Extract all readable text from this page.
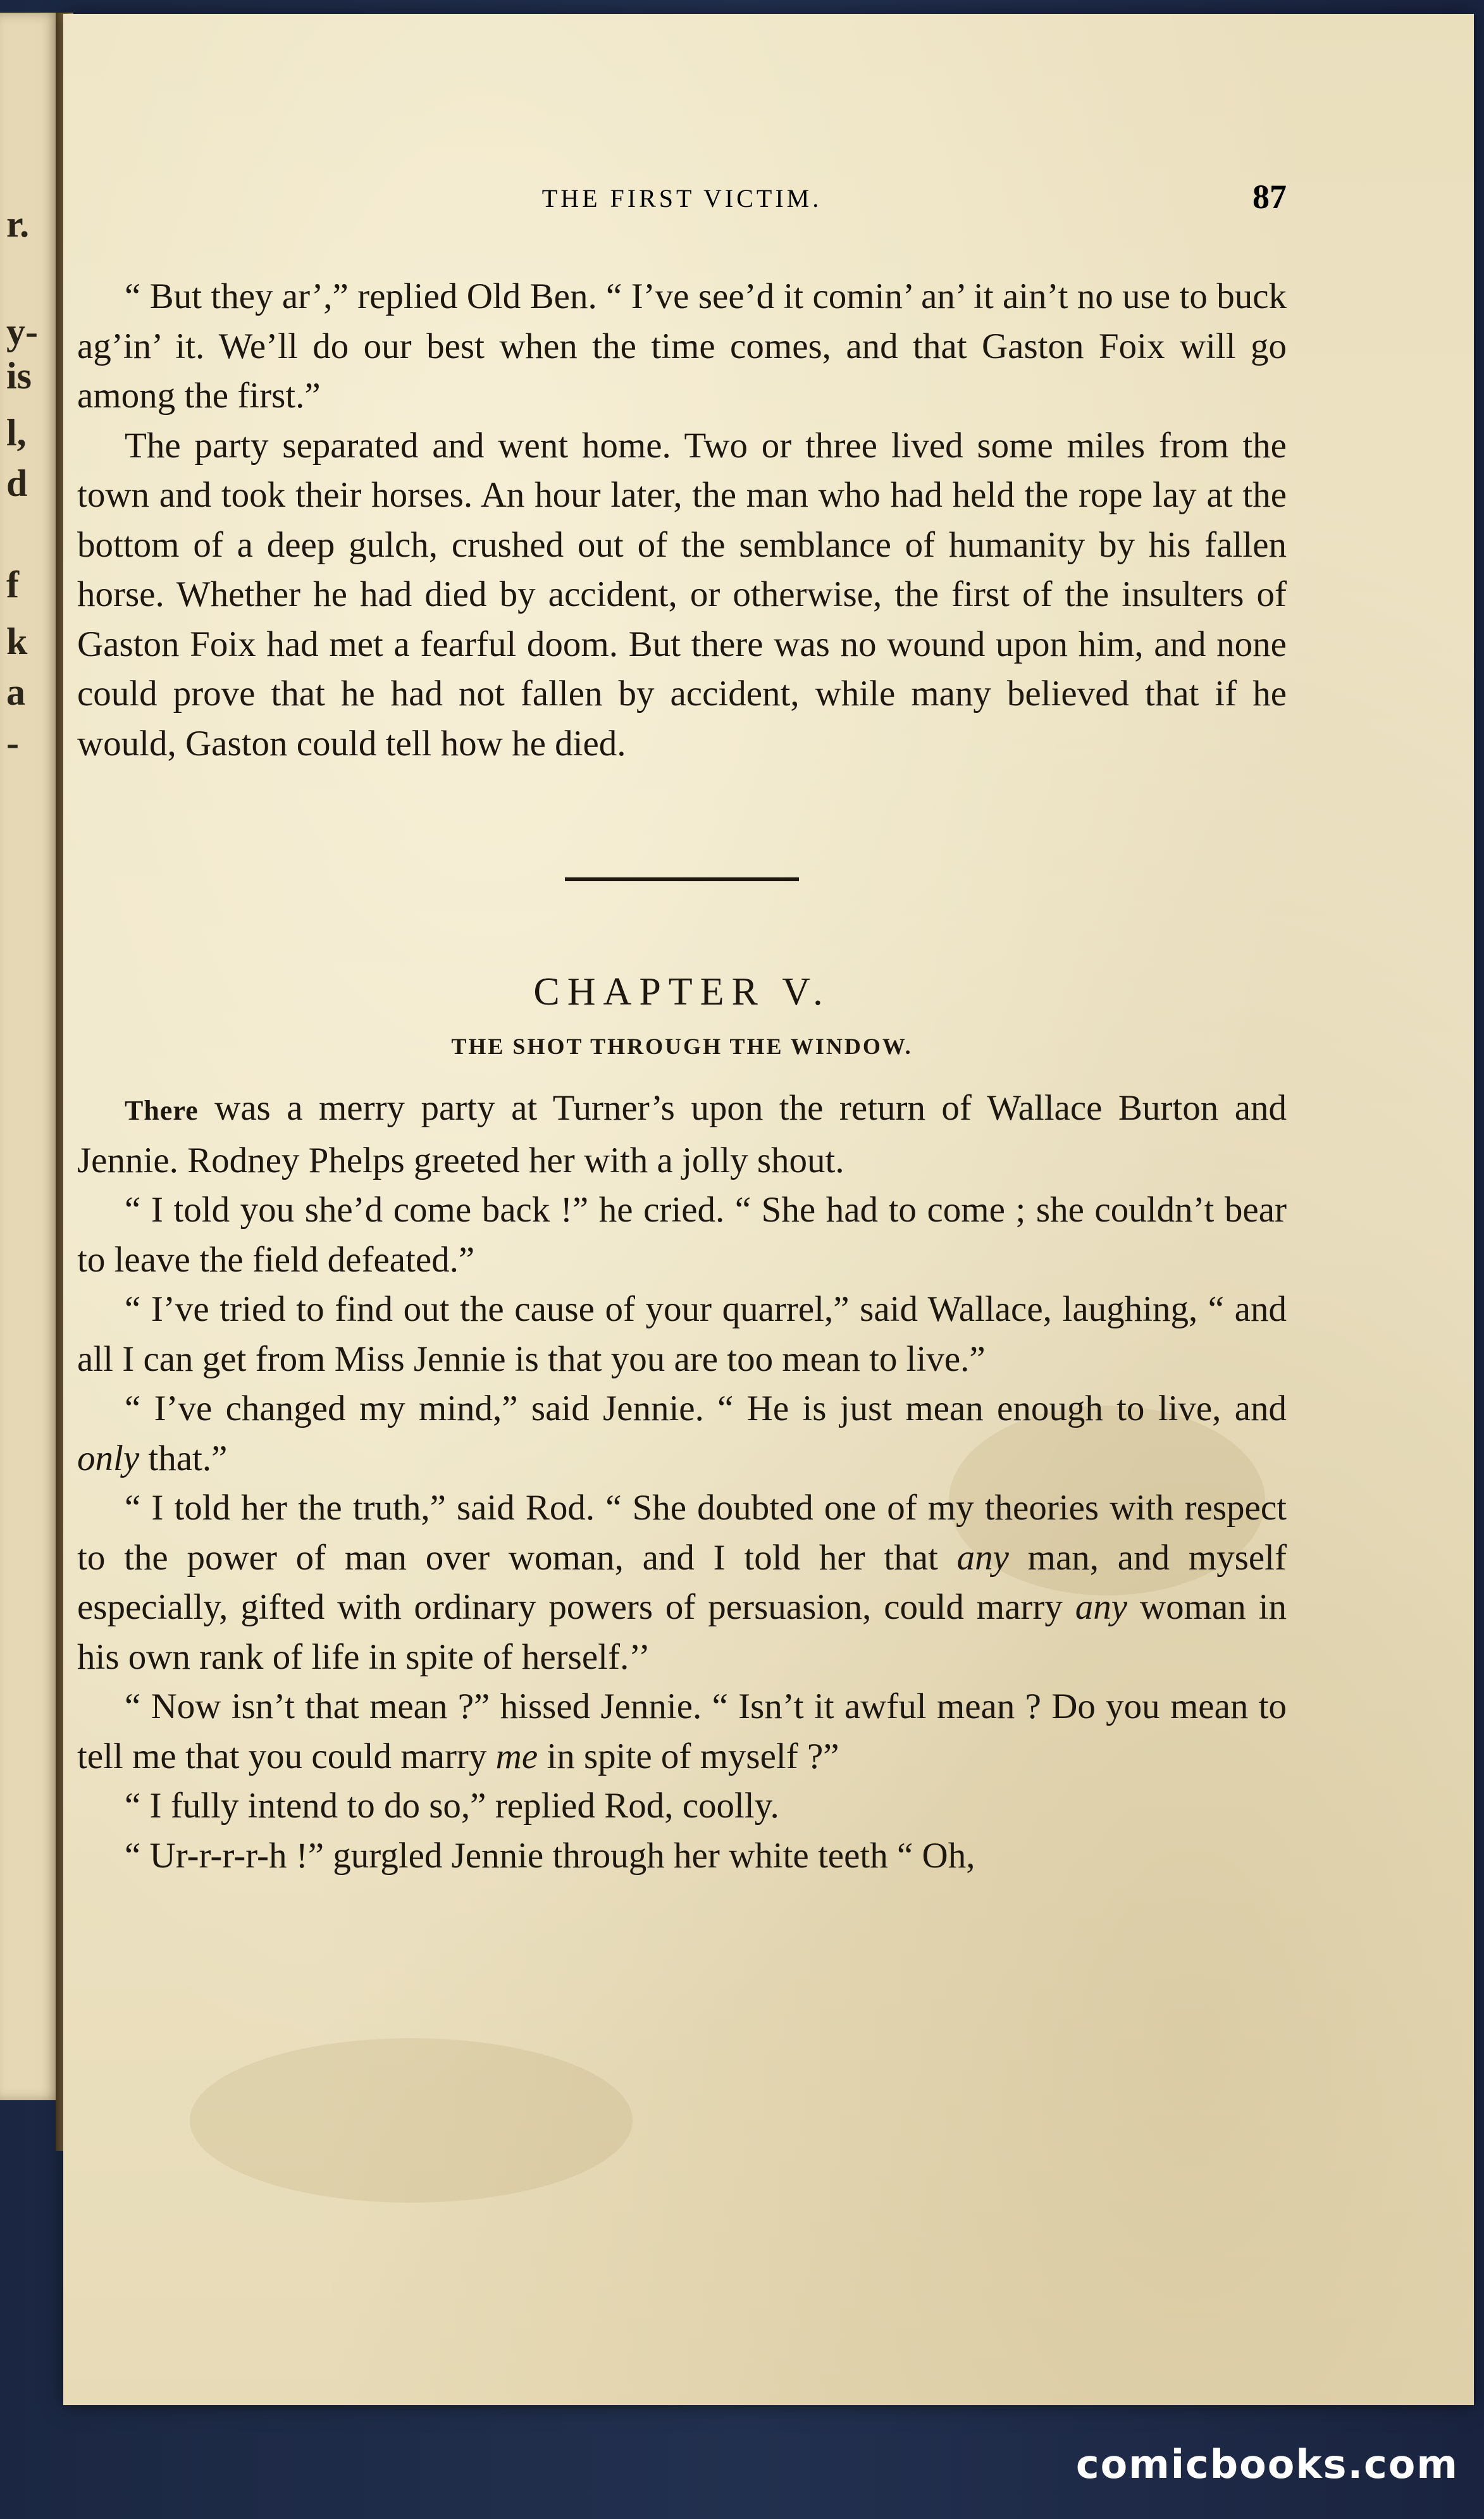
r.
y-
is
l,
d
f
k
a
-
THE FIRST VICTIM.	87

“ But they ar’,” replied Old Ben. “ I’ve see’d it comin’ an’ it ain’t no use to buck ag’in’ it. We’ll do our best when the time comes, and that Gaston Foix will go among the first.”

The party separated and went home. Two or three lived some miles from the town and took their horses. An hour later, the man who had held the rope lay at the bottom of a deep gulch, crushed out of the semblance of humanity by his fallen horse. Whether he had died by accident, or otherwise, the first of the insulters of Gaston Foix had met a fearful doom. But there was no wound upon him, and none could prove that he had not fallen by accident, while many believed that if he would, Gaston could tell how he died.

CHAPTER V.
THE SHOT THROUGH THE WINDOW.

There was a merry party at Turner’s upon the return of Wallace Burton and Jennie. Rodney Phelps greeted her with a jolly shout.

“ I told you she’d come back !” he cried. “ She had to come ; she couldn’t bear to leave the field defeated.”

“ I’ve tried to find out the cause of your quarrel,” said Wallace, laughing, “ and all I can get from Miss Jennie is that you are too mean to live.”

“ I’ve changed my mind,” said Jennie. “ He is just mean enough to live, and only that.”

“ I told her the truth,” said Rod. “ She doubted one of my theories with respect to the power of man over woman, and I told her that any man, and myself especially, gifted with ordinary powers of persuasion, could marry any woman in his own rank of life in spite of herself.’’

“ Now isn’t that mean ?” hissed Jennie. “ Isn’t it awful mean ? Do you mean to tell me that you could marry me in spite of myself ?”

“ I fully intend to do so,” replied Rod, coolly.

“ Ur-r-r-r-h !” gurgled Jennie through her white teeth “ Oh,

comicbooks.com
